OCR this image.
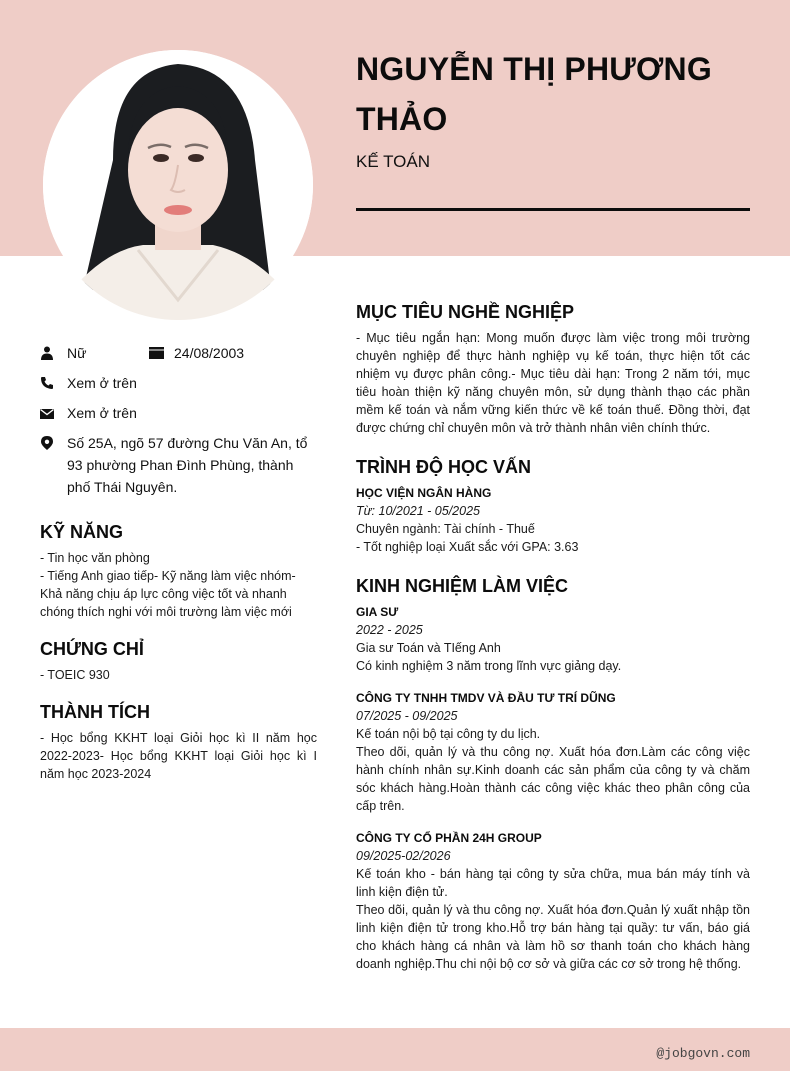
NGUYỄN THỊ PHƯƠNG THẢO
KẾ TOÁN
Nữ	24/08/2003
Xem ở trên
Xem ở trên
Số 25A, ngõ 57 đường Chu Văn An, tổ 93 phường Phan Đình Phùng, thành phố Thái Nguyên.
KỸ NĂNG
- Tin học văn phòng
- Tiếng Anh giao tiếp- Kỹ năng làm việc nhóm- Khả năng chịu áp lực công việc tốt và nhanh chóng thích nghi với môi trường làm việc mới
CHỨNG CHỈ
- TOEIC 930
THÀNH TÍCH
- Học bổng KKHT loại Giỏi học kì II năm học 2022-2023- Học bổng KKHT loại Giỏi học kì I năm học 2023-2024
MỤC TIÊU NGHỀ NGHIỆP
- Mục tiêu ngắn hạn: Mong muốn được làm việc trong môi trường chuyên nghiệp để thực hành nghiệp vụ kế toán, thực hiện tốt các nhiệm vụ được phân công.- Mục tiêu dài hạn: Trong 2 năm tới, mục tiêu hoàn thiện kỹ năng chuyên môn, sử dụng thành thạo các phần mềm kế toán và nắm vững kiến thức về kế toán thuế. Đồng thời, đạt được chứng chỉ chuyên môn và trở thành nhân viên chính thức.
TRÌNH ĐỘ HỌC VẤN
HỌC VIỆN NGÂN HÀNG
Từ: 10/2021 - 05/2025
Chuyên ngành: Tài chính - Thuế
- Tốt nghiệp loại Xuất sắc với GPA: 3.63
KINH NGHIỆM LÀM VIỆC
GIA SƯ
2022 - 2025
Gia sư Toán và TIếng Anh
Có kinh nghiệm 3 năm trong lĩnh vực giảng dạy.
CÔNG TY TNHH TMDV VÀ ĐẦU TƯ TRÍ DŨNG
07/2025 - 09/2025
Kế toán nội bộ tại công ty du lịch.
Theo dõi, quản lý và thu công nợ. Xuất hóa đơn.Làm các công việc hành chính nhân sự.Kinh doanh các sản phẩm của công ty và chăm sóc khách hàng.Hoàn thành các công việc khác theo phân công của cấp trên.
CÔNG TY CỔ PHẦN 24H GROUP
09/2025-02/2026
Kế toán kho - bán hàng tại công ty sửa chữa, mua bán máy tính và linh kiện điện tử.
Theo dõi, quản lý và thu công nợ. Xuất hóa đơn.Quản lý xuất nhập tồn linh kiện điện tử trong kho.Hỗ trợ bán hàng tại quầy: tư vấn, báo giá cho khách hàng cá nhân và làm hồ sơ thanh toán cho khách hàng doanh nghiệp.Thu chi nội bộ cơ sở và giữa các cơ sở trong hệ thống.
@jobgovn.com
